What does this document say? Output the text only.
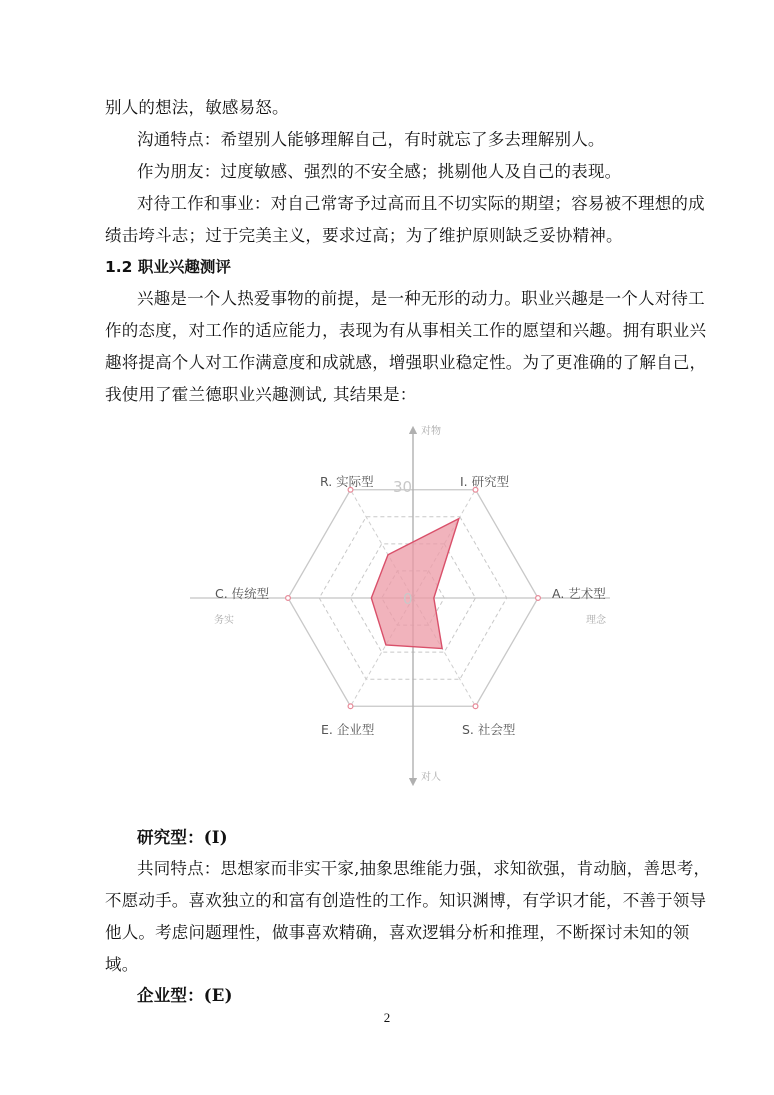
别人的想法，敏感易怒。
沟通特点：希望别人能够理解自己，有时就忘了多去理解别人。
作为朋友：过度敏感、强烈的不安全感；挑剔他人及自己的表现。
对待工作和事业：对自己常寄予过高而且不切实际的期望；容易被不理想的成
绩击垮斗志；过于完美主义，要求过高；为了维护原则缺乏妥协精神。
1.2 职业兴趣测评
兴趣是一个人热爱事物的前提，是一种无形的动力。职业兴趣是一个人对待工
作的态度，对工作的适应能力，表现为有从事相关工作的愿望和兴趣。拥有职业兴
趣将提高个人对工作满意度和成就感，增强职业稳定性。为了更准确的了解自己，
我使用了霍兰德职业兴趣测试, 其结果是：
I. 研究型
A. 艺术型
S. 社会型
E. 企业型
C. 传统型
R. 实际型
0
30
对物
对人
务实	理念
研究型：(I)
共同特点：思想家而非实干家,抽象思维能力强，求知欲强，肯动脑，善思考，
不愿动手。喜欢独立的和富有创造性的工作。知识渊博，有学识才能，不善于领导
他人。考虑问题理性，做事喜欢精确，喜欢逻辑分析和推理，不断探讨未知的领
域。
企业型：(E)
2
